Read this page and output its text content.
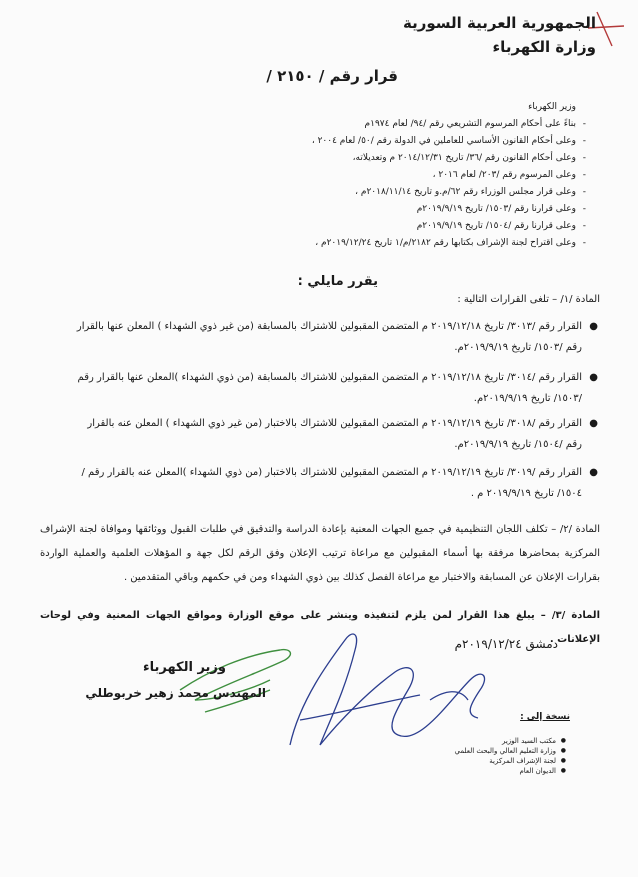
الجمهورية العربية السورية
وزارة الكهرباء
قرار رقم / ٢١٥٠ /
وزير الكهرباء
-
بناءً على أحكام المرسوم التشريعي رقم /٩٤/ لعام ١٩٧٤م
-
وعلى أحكام القانون الأساسي للعاملين في الدولة رقم /٥٠/ لعام ٢٠٠٤ ،
-
وعلى أحكام القانون رقم /٣٦/ تاريخ ٢٠١٤/١٢/٣١ م وتعديلاته،
-
وعلى المرسوم رقم /٢٠٣/ لعام ٢٠١٦ ،
-
وعلى قرار مجلس الوزراء رقم ٦٢/م.و تاريخ ٢٠١٨/١١/١٤م ،
-
وعلى قرارنا رقم /١٥٠٣/ تاريخ ٢٠١٩/٩/١٩م
-
وعلى قرارنا رقم /١٥٠٤/ تاريخ ٢٠١٩/٩/١٩م
-
وعلى اقتراح لجنة الإشراف بكتابها رقم ٢١٨٢/م/١ تاريخ ٢٠١٩/١٢/٢٤م ،
يقرر مايلي :
المادة /١/ – تلغى القرارات التالية :
●
القرار رقم /٣٠١٣/ تاريخ ٢٠١٩/١٢/١٨ م المتضمن المقبولين للاشتراك بالمسابقة (من غير ذوي الشهداء ) المعلن عنها بالقرار رقم /١٥٠٣/ تاريخ ٢٠١٩/٩/١٩م.
●
القرار رقم /٣٠١٤/ تاريخ ٢٠١٩/١٢/١٨ م المتضمن المقبولين للاشتراك بالمسابقة (من ذوي الشهداء )المعلن عنها بالقرار رقم /١٥٠٣/ تاريخ ٢٠١٩/٩/١٩م.
●
القرار رقم /٣٠١٨/ تاريخ ٢٠١٩/١٢/١٩ م المتضمن المقبولين للاشتراك بالاختبار (من غير ذوي الشهداء ) المعلن عنه بالقرار رقم /١٥٠٤/ تاريخ ٢٠١٩/٩/١٩م.
●
القرار رقم /٣٠١٩/ تاريخ ٢٠١٩/١٢/١٩ م المتضمن المقبولين للاشتراك بالاختبار (من ذوي الشهداء )المعلن عنه بالقرار رقم /١٥٠٤/ تاريخ ٢٠١٩/٩/١٩ م .
المادة /٢/ – تكلف اللجان التنظيمية في جميع الجهات المعنية بإعادة الدراسة والتدقيق في طلبات القبول ووثائقها وموافاة لجنة الإشراف المركزية بمحاضرها مرفقة بها أسماء المقبولين مع مراعاة ترتيب الإعلان وفق الرقم لكل جهة و المؤهلات العلمية والعملية الواردة بقرارات الإعلان عن المسابقة والاختبار مع مراعاة الفصل كذلك بين ذوي الشهداء ومن في حكمهم وباقي المتقدمين .
المادة /٣/ – يبلغ هذا القرار لمن يلزم لتنفيذه وينشر على موقع الوزارة ومواقع الجهات المعنية وفي لوحات الإعلانات .
دمشق ٢٠١٩/١٢/٢٤م
وزير الكهرباء
المهندس محمد زهير خربوطلي
نسخة إلى :
● مكتب السيد الوزير
● وزارة التعليم العالي والبحث العلمي
● لجنة الإشراف المركزية
● الديوان العام
